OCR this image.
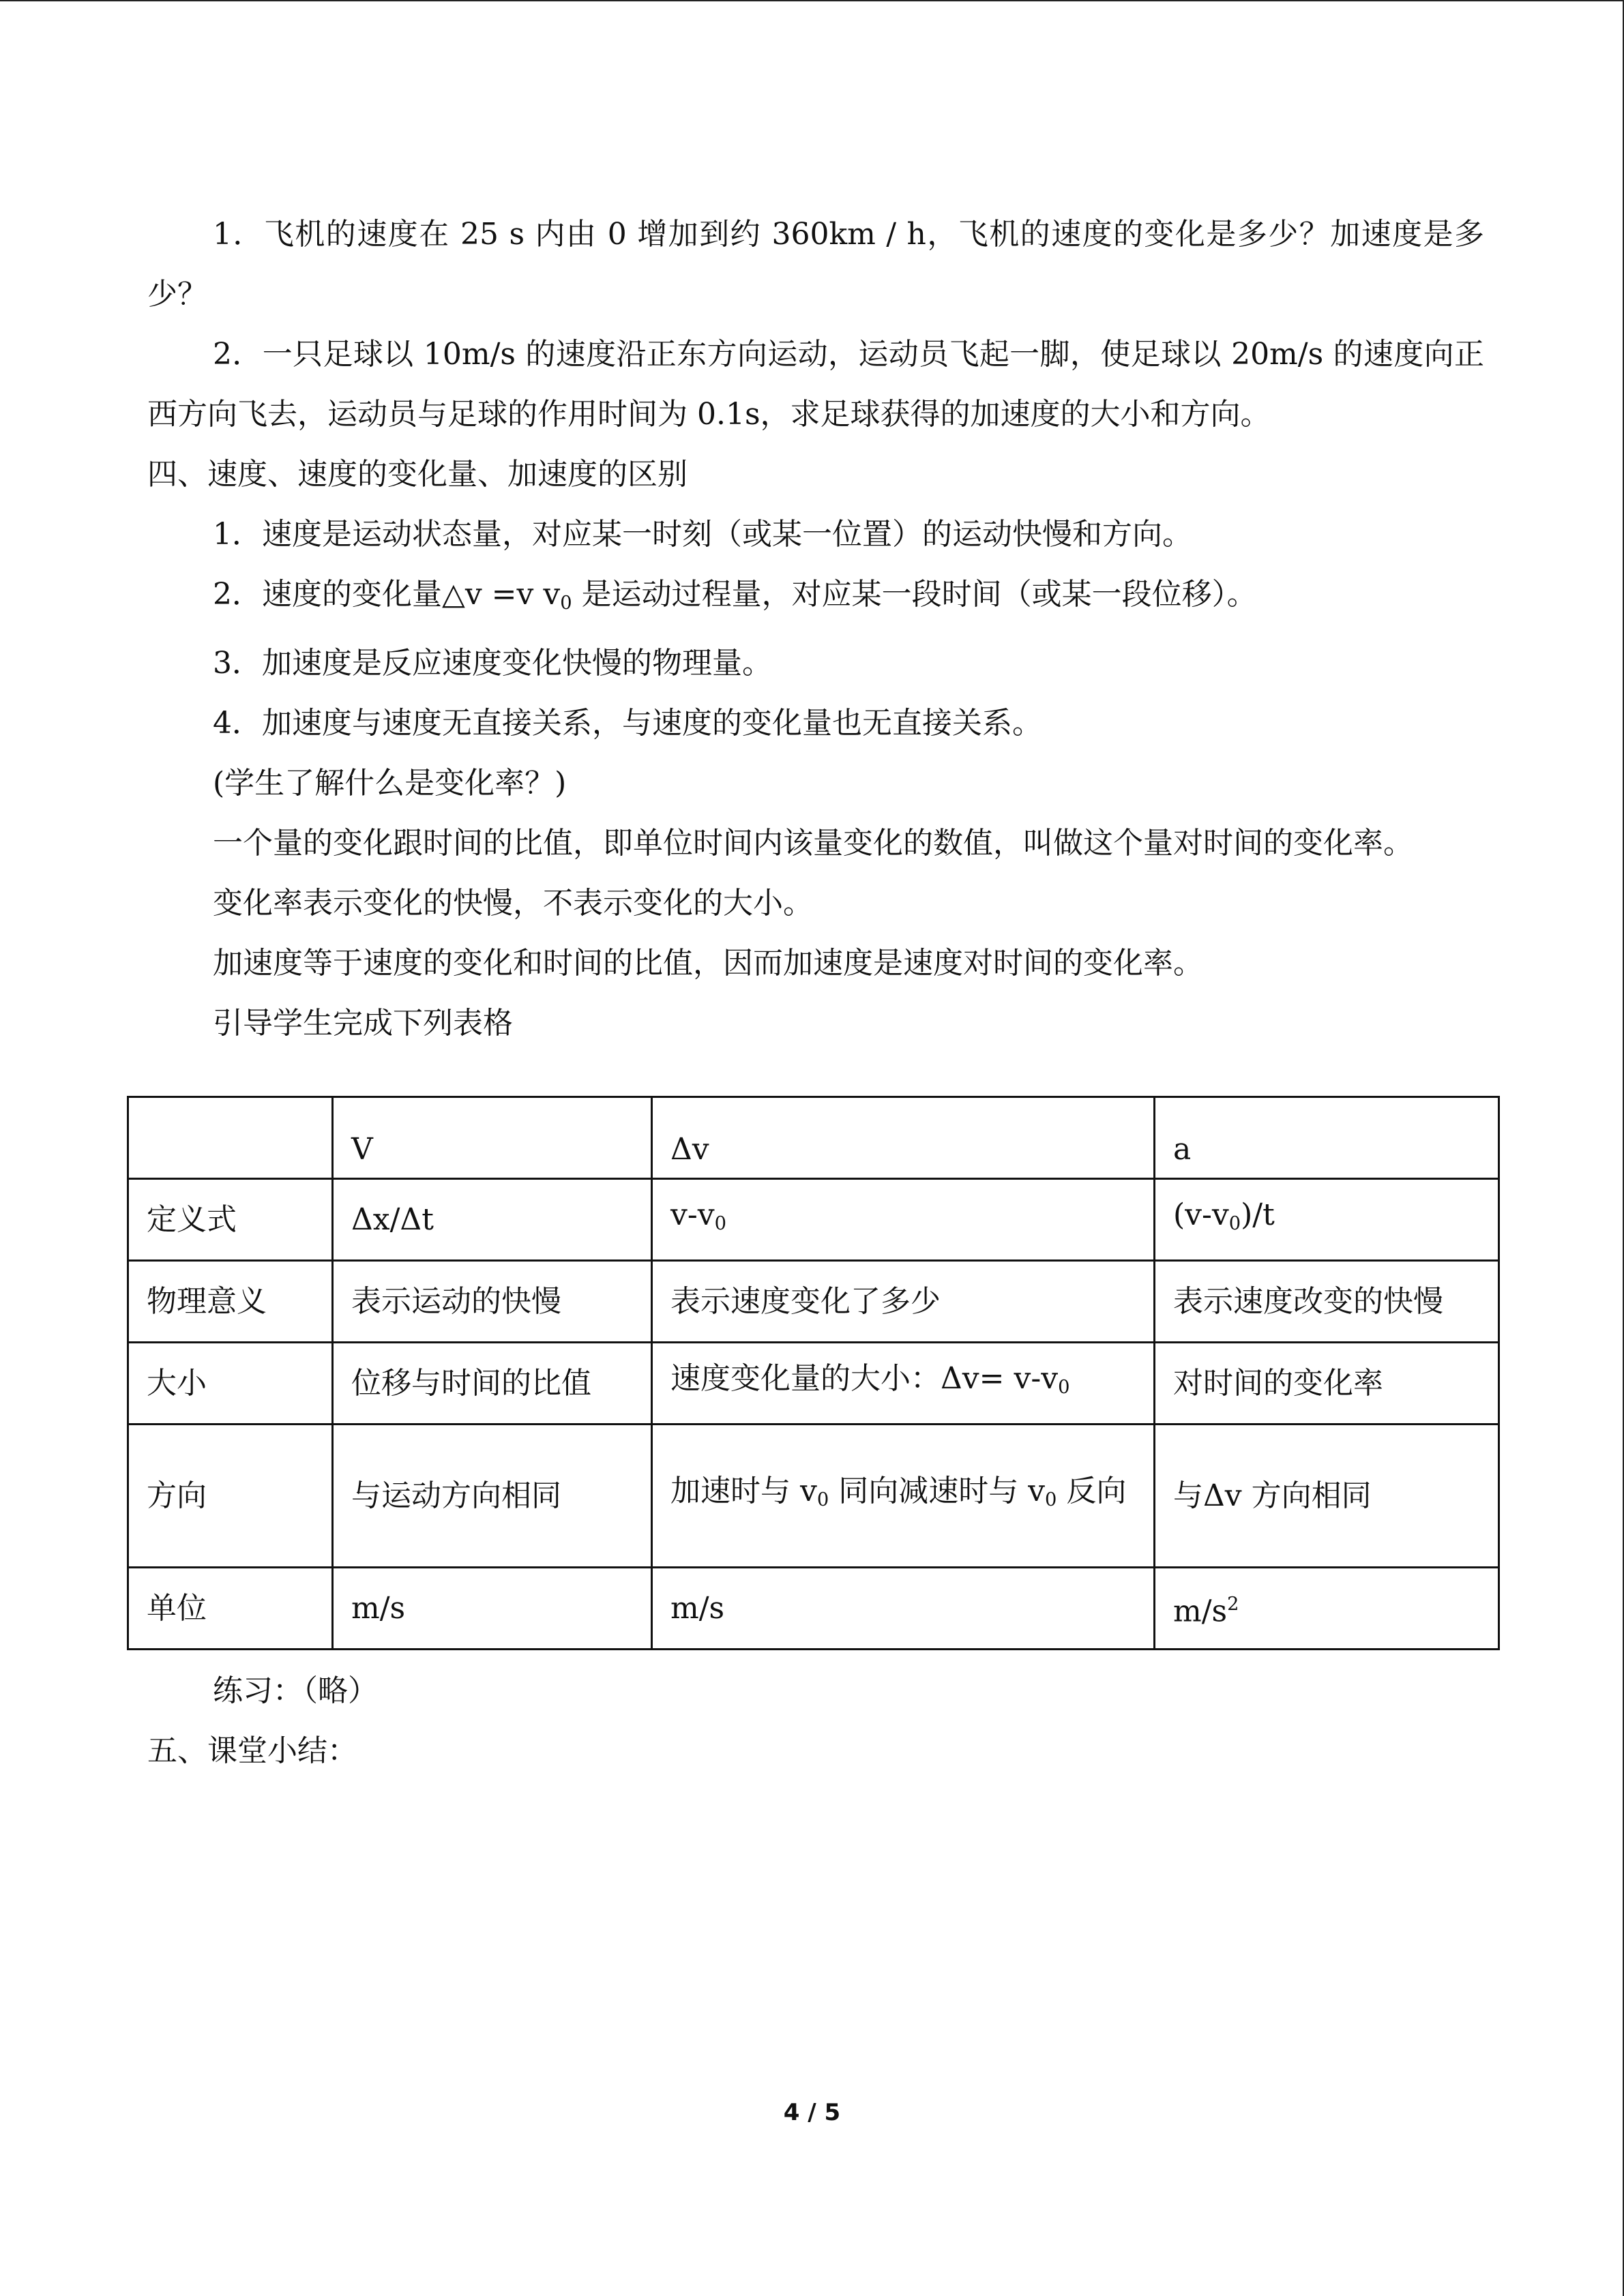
1．飞机的速度在 25 s 内由 0 增加到约 360km / h，飞机的速度的变化是多少？加速度是多少？
2．一只足球以 10m/s 的速度沿正东方向运动，运动员飞起一脚，使足球以 20m/s 的速度向正西方向飞去，运动员与足球的作用时间为 0.1s，求足球获得的加速度的大小和方向。
四、速度、速度的变化量、加速度的区别
1．速度是运动状态量，对应某一时刻（或某一位置）的运动快慢和方向。
2．速度的变化量△v =v $v_0$ 是运动过程量，对应某一段时间（或某一段位移）。
3．加速度是反应速度变化快慢的物理量。
4．加速度与速度无直接关系，与速度的变化量也无直接关系。
(学生了解什么是变化率？)
一个量的变化跟时间的比值，即单位时间内该量变化的数值，叫做这个量对时间的变化率。
变化率表示变化的快慢，不表示变化的大小。
加速度等于速度的变化和时间的比值，因而加速度是速度对时间的变化率。
引导学生完成下列表格
	V	Δv	a
定义式	Δx/Δt	$v-v_0$	$(v-v_0)/t$
物理意义	表示运动的快慢	表示速度变化了多少	表示速度改变的快慢
大小	位移与时间的比值	速度变化量的大小：$\Delta v= v-v_0$	对时间的变化率
方向	与运动方向相同	加速时与 $v_0$ 同向减速时与 $v_0$ 反向	与Δv 方向相同
单位	m/s	m/s	$m/s^2$
练习：（略）
五、课堂小结：
4 / 5
